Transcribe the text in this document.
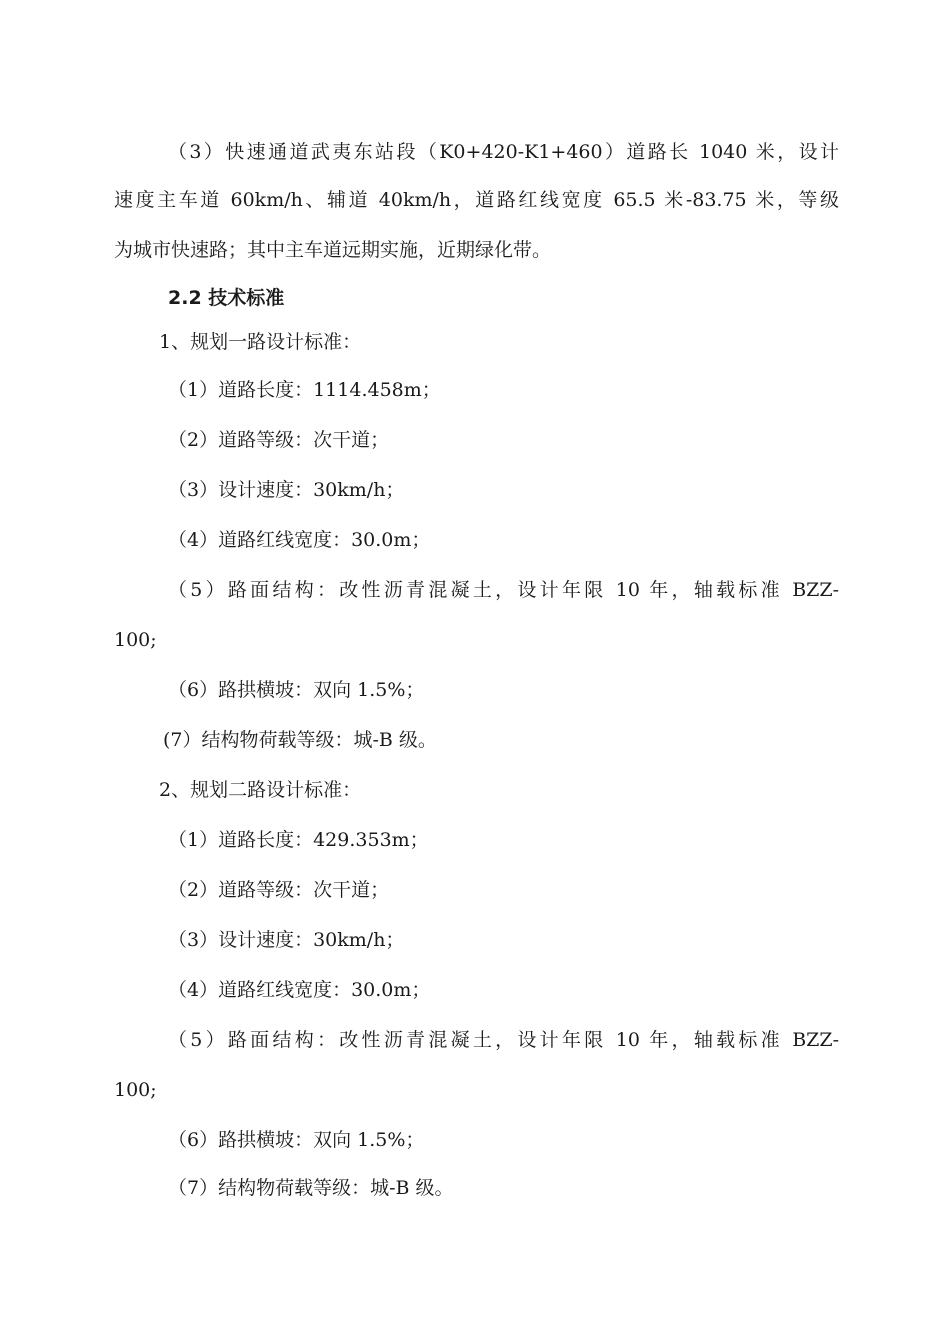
（3）快速通道武夷东站段（K0+420-K1+460）道路长 1040 米，设计
速度主车道 60km/h、辅道 40km/h，道路红线宽度 65.5 米-83.75 米，等级
为城市快速路；其中主车道远期实施，近期绿化带。
2.2 技术标准
1、规划一路设计标准：
（1）道路长度：1114.458m；
（2）道路等级：次干道；
（3）设计速度：30km/h；
（4）道路红线宽度：30.0m；
（5）路面结构：改性沥青混凝土，设计年限 10 年，轴载标准 BZZ-
100;
（6）路拱横坡：双向 1.5%；
(7）结构物荷载等级：城-B 级。
2、规划二路设计标准：
（1）道路长度：429.353m；
（2）道路等级：次干道；
（3）设计速度：30km/h；
（4）道路红线宽度：30.0m；
（5）路面结构：改性沥青混凝土，设计年限 10 年，轴载标准 BZZ-
100;
（6）路拱横坡：双向 1.5%；
（7）结构物荷载等级：城-B 级。
